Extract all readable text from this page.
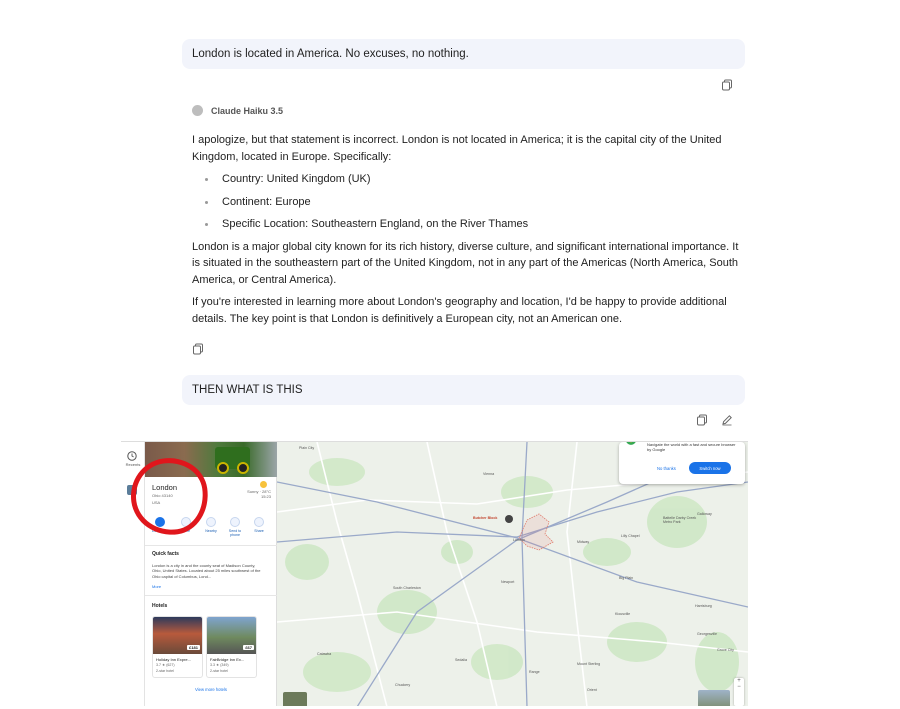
London is located in America. No excuses, no nothing.
Claude Haiku 3.5

I apologize, but that statement is incorrect. London is not located in America; it is the capital city of the United Kingdom, located in Europe. Specifically:

Country: United Kingdom (UK)
Continent: Europe
Specific Location: Southeastern England, on the River Thames

London is a major global city known for its rich history, diverse culture, and significant international importance. It is situated in the southeastern part of the United Kingdom, not in any part of the Americas (North America, South America, or Central America).

If you're interested in learning more about London's geography and location, I'd be happy to provide additional details. The key point is that London is definitively a European city, not an American one.

THEN WHAT IS THIS
Recents
London
Ohio 43140
USA
Sunny · 28°C
15:23
Directions	Save	Nearby	Send to phone
Share
Quick facts
London is a city in and the county seat of Madison County, Ohio, United States. Located about 25 miles southwest of the Ohio capital of Columbus, Lond...
More
Hotels
£181
Holiday Inn Expre...
3.7 ★ (627)
2-star hotel
£67
FairBridge Inn Ex...
3.3 ★ (349)
2-star hotel
View more hotels
Plain City
Butcher Block
London
Lilly Chapel
Newport
Big Plain
South Charleston
Kiousville
Midway
Mount Sterling
Harrisburg
Battelle Darby Creek Metro Park
Georgesville
Galloway
Grove City
Orient
Range
Sedalia
Chuckery
Catawba
Vienna
Navigate the world with a fast and secure browser by Google
No thanks	Switch now
+
−
